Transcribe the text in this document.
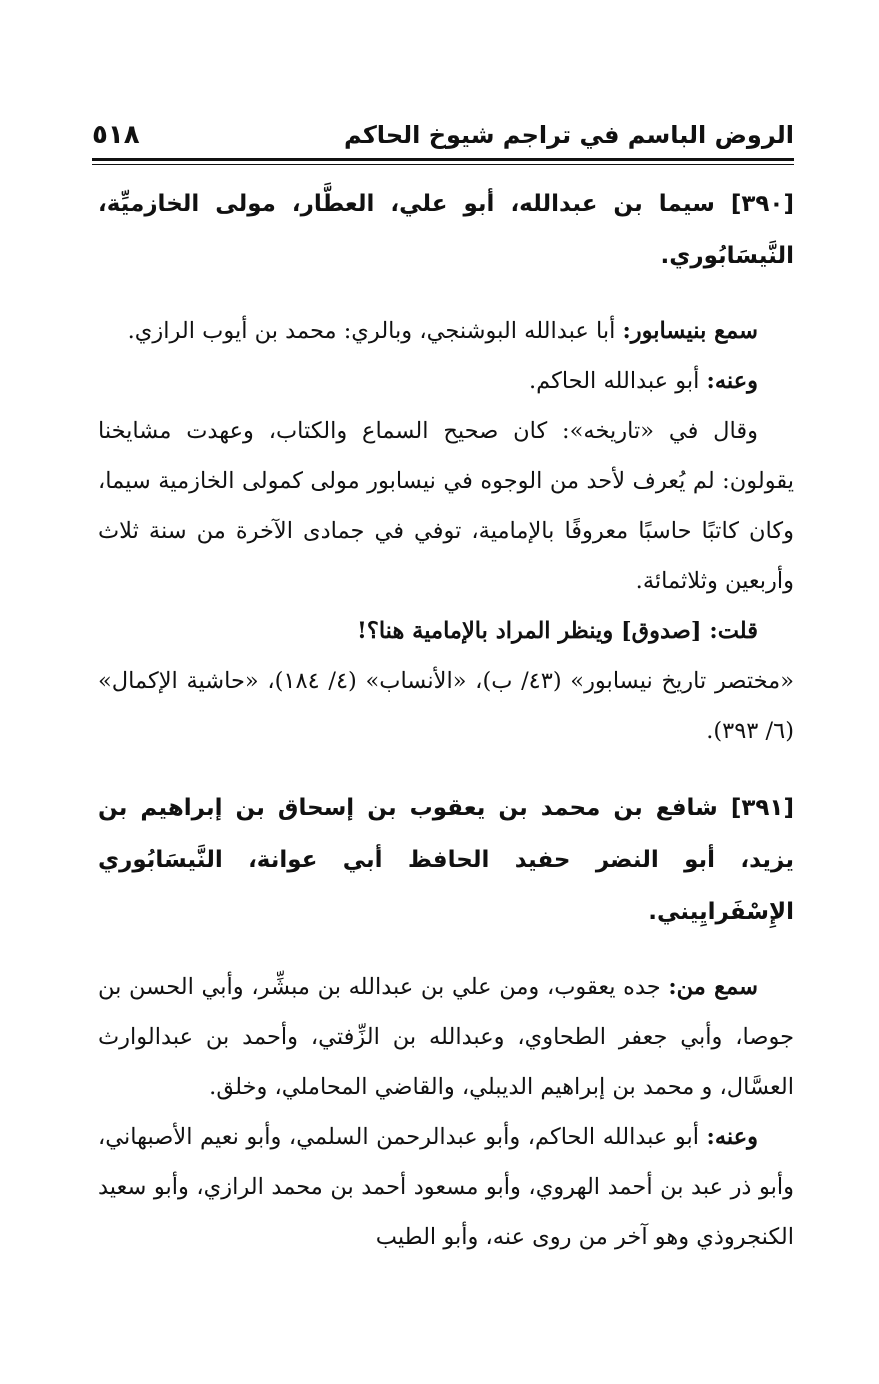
الروض الباسم في تراجم شيوخ الحاكم
٥١٨
[٣٩٠] سيما بن عبدالله، أبو علي، العطَّار، مولى الخازميِّة، النَّيسَابُوري.

سمع بنيسابور: أبا عبدالله البوشنجي، وبالري: محمد بن أيوب الرازي.

وعنه: أبو عبدالله الحاكم.

وقال في «تاريخه»: كان صحيح السماع والكتاب، وعهدت مشايخنا يقولون: لم يُعرف لأحد من الوجوه في نيسابور مولى كمولى الخازمية سيما، وكان كاتبًا حاسبًا معروفًا بالإمامية، توفي في جمادى الآخرة من سنة ثلاث وأربعين وثلاثمائة.

قلت: [صدوق] وينظر المراد بالإمامية هنا؟!

«مختصر تاريخ نيسابور» (٤٣/ ب)، «الأنساب» (٤/ ١٨٤)، «حاشية الإكمال» (٦/ ٣٩٣).

[٣٩١] شافع بن محمد بن يعقوب بن إسحاق بن إبراهيم بن يزيد، أبو النضر حفيد الحافظ أبي عوانة، النَّيسَابُوري الإِسْفَرايِيني.

سمع من: جده يعقوب، ومن علي بن عبدالله بن مبشِّر، وأبي الحسن بن جوصا، وأبي جعفر الطحاوي، وعبدالله بن الزِّفتي، وأحمد بن عبدالوارث العسَّال، و محمد بن إبراهيم الديبلي، والقاضي المحاملي، وخلق.

وعنه: أبو عبدالله الحاكم، وأبو عبدالرحمن السلمي، وأبو نعيم الأصبهاني، وأبو ذر عبد بن أحمد الهروي، وأبو مسعود أحمد بن محمد الرازي، وأبو سعيد الكنجروذي وهو آخر من روى عنه، وأبو الطيب
